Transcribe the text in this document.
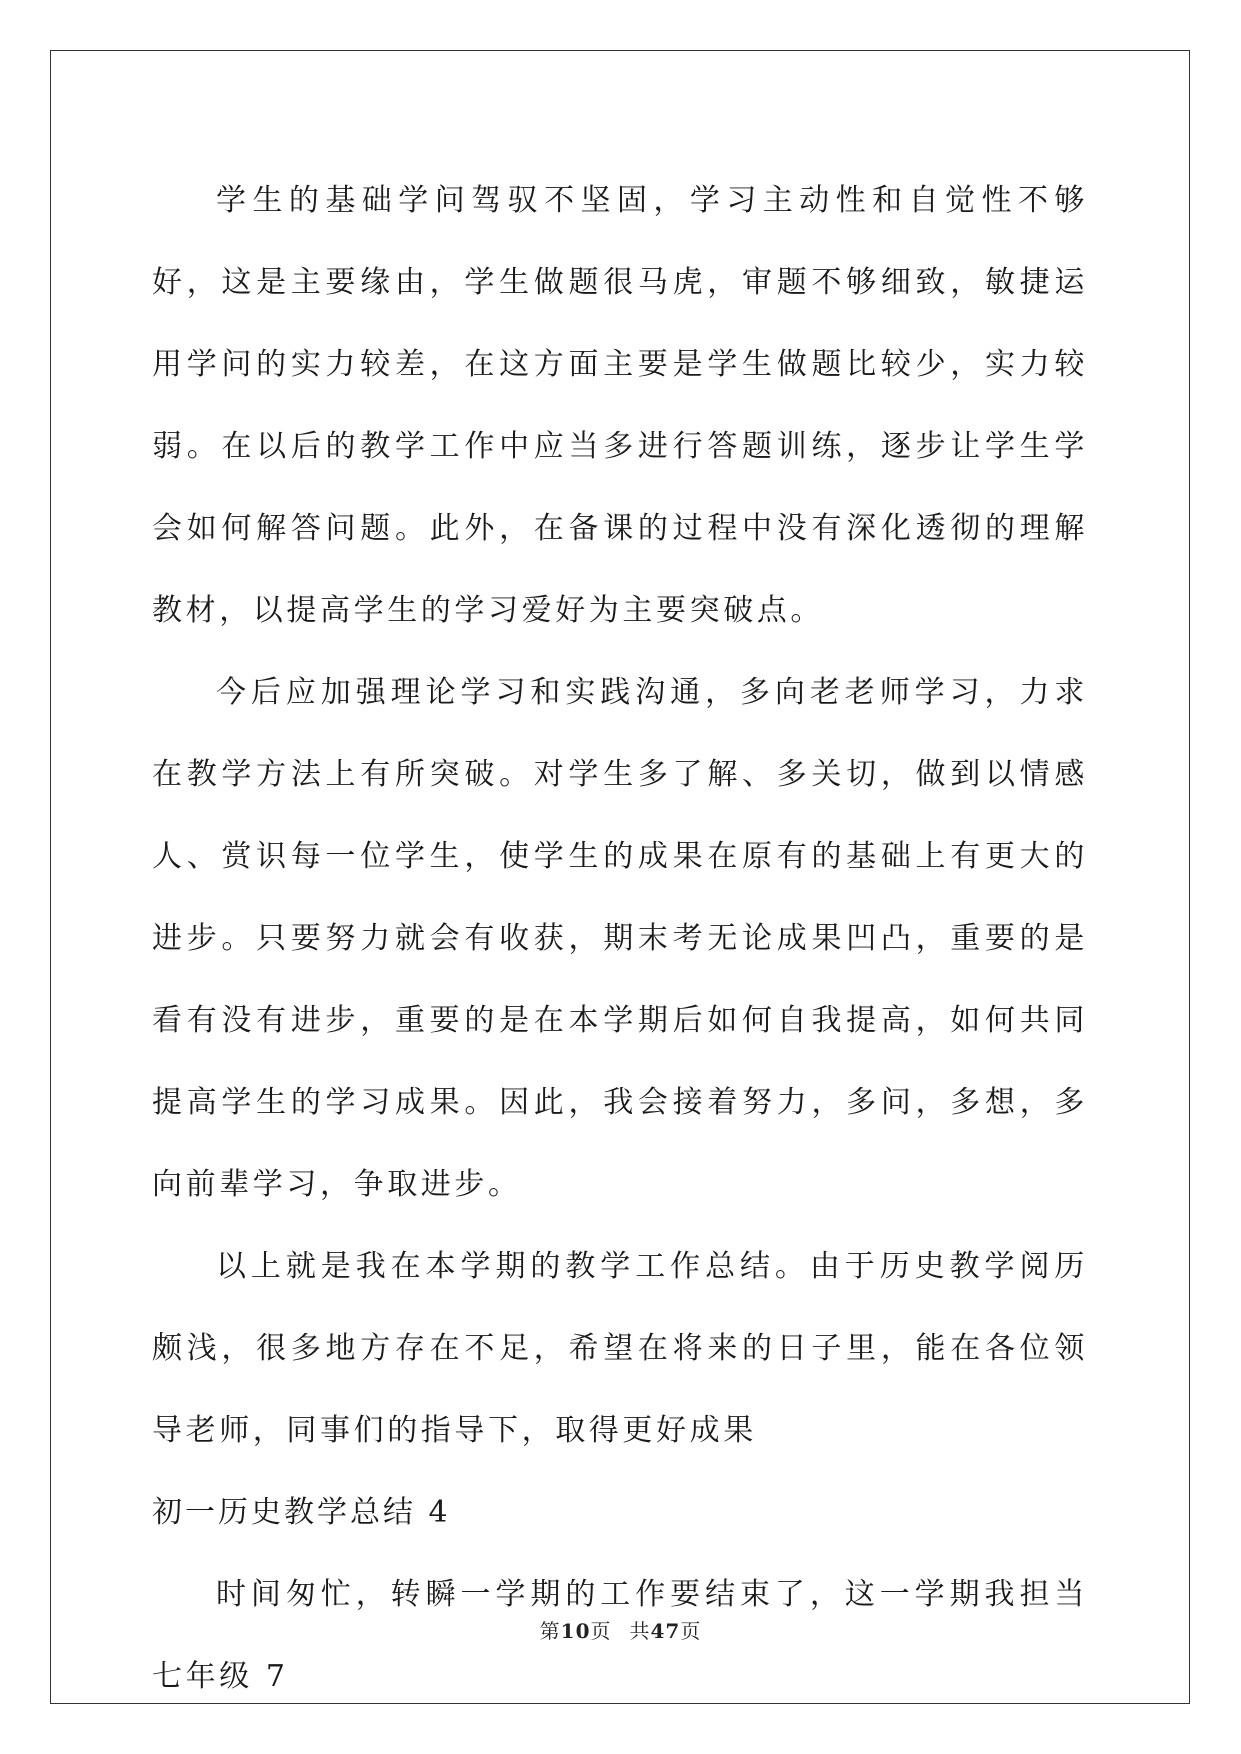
学生的基础学问驾驭不坚固，学习主动性和自觉性不够好，这是主要缘由，学生做题很马虎，审题不够细致，敏捷运用学问的实力较差，在这方面主要是学生做题比较少，实力较弱。在以后的教学工作中应当多进行答题训练，逐步让学生学会如何解答问题。此外，在备课的过程中没有深化透彻的理解教材，以提高学生的学习爱好为主要突破点。
今后应加强理论学习和实践沟通，多向老老师学习，力求在教学方法上有所突破。对学生多了解、多关切，做到以情感人、赏识每一位学生，使学生的成果在原有的基础上有更大的进步。只要努力就会有收获，期末考无论成果凹凸，重要的是看有没有进步，重要的是在本学期后如何自我提高，如何共同提高学生的学习成果。因此，我会接着努力，多问，多想，多向前辈学习，争取进步。
以上就是我在本学期的教学工作总结。由于历史教学阅历颇浅，很多地方存在不足，希望在将来的日子里，能在各位领导老师，同事们的指导下，取得更好成果
初一历史教学总结 4
时间匆忙，转瞬一学期的工作要结束了，这一学期我担当七年级 7
第10页 共47页
